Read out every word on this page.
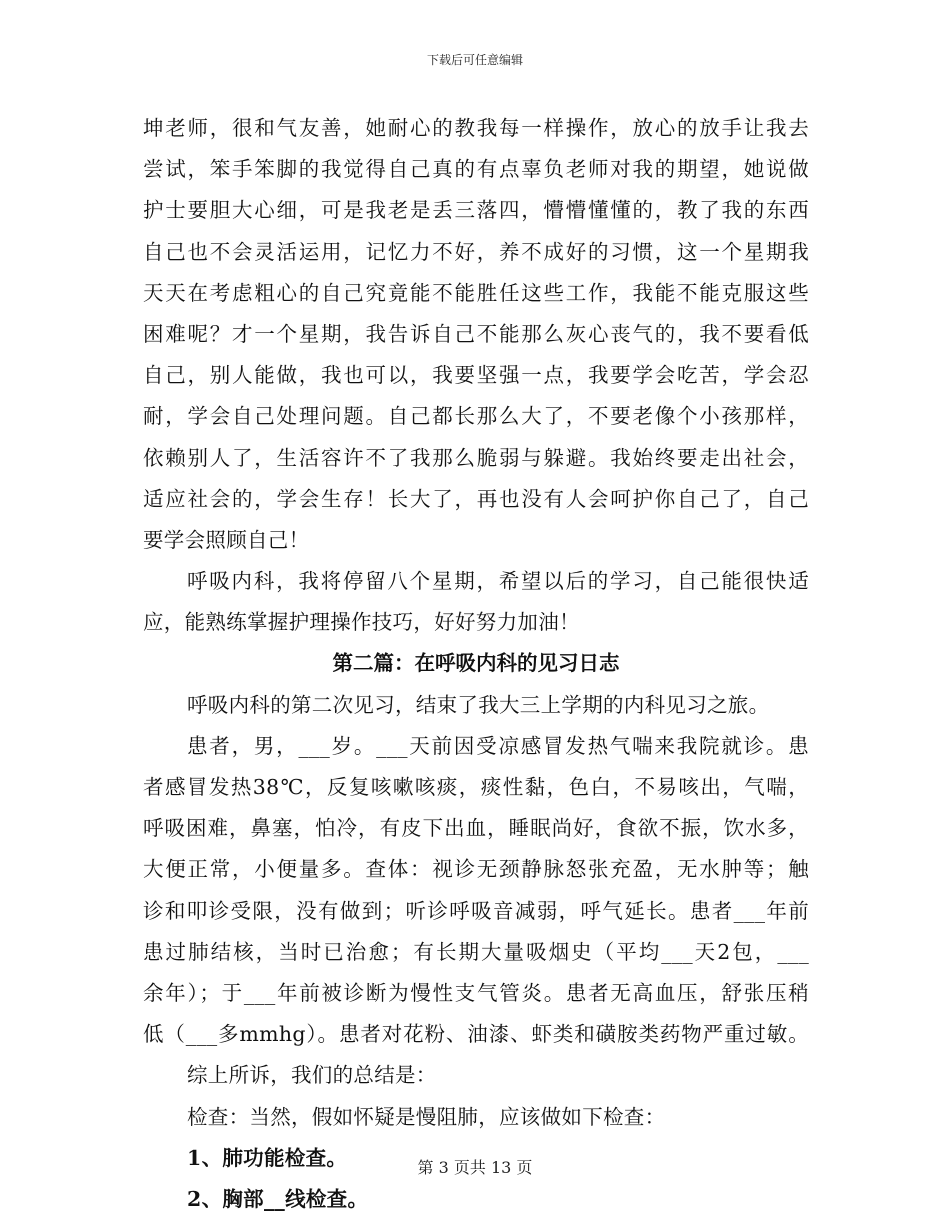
下载后可任意编辑
坤老师，很和气友善，她耐心的教我每一样操作，放心的放手让我去
尝试，笨手笨脚的我觉得自己真的有点辜负老师对我的期望，她说做
护士要胆大心细，可是我老是丢三落四，懵懵懂懂的，教了我的东西
自己也不会灵活运用，记忆力不好，养不成好的习惯，这一个星期我
天天在考虑粗心的自己究竟能不能胜任这些工作，我能不能克服这些
困难呢？才一个星期，我告诉自己不能那么灰心丧气的，我不要看低
自己，别人能做，我也可以，我要坚强一点，我要学会吃苦，学会忍
耐，学会自己处理问题。自己都长那么大了，不要老像个小孩那样，
依赖别人了，生活容许不了我那么脆弱与躲避。我始终要走出社会，
适应社会的，学会生存！长大了，再也没有人会呵护你自己了，自己
要学会照顾自己！
呼吸内科，我将停留八个星期，希望以后的学习，自己能很快适
应，能熟练掌握护理操作技巧，好好努力加油！
第二篇：在呼吸内科的见习日志
呼吸内科的第二次见习，结束了我大三上学期的内科见习之旅。
患者，男，___岁。___天前因受凉感冒发热气喘来我院就诊。患
者感冒发热38℃，反复咳嗽咳痰，痰性黏，色白，不易咳出，气喘，
呼吸困难，鼻塞，怕冷，有皮下出血，睡眠尚好，食欲不振，饮水多，
大便正常，小便量多。查体：视诊无颈静脉怒张充盈，无水肿等；触
诊和叩诊受限，没有做到；听诊呼吸音减弱，呼气延长。患者___年前
患过肺结核，当时已治愈；有长期大量吸烟史（平均___天2包，___
余年）；于___年前被诊断为慢性支气管炎。患者无高血压，舒张压稍
低（___多mmhg）。患者对花粉、油漆、虾类和磺胺类药物严重过敏。
综上所诉，我们的总结是：
检查：当然，假如怀疑是慢阻肺，应该做如下检查：
1、肺功能检查。
2、胸部__线检查。
第 3 页共 13 页
